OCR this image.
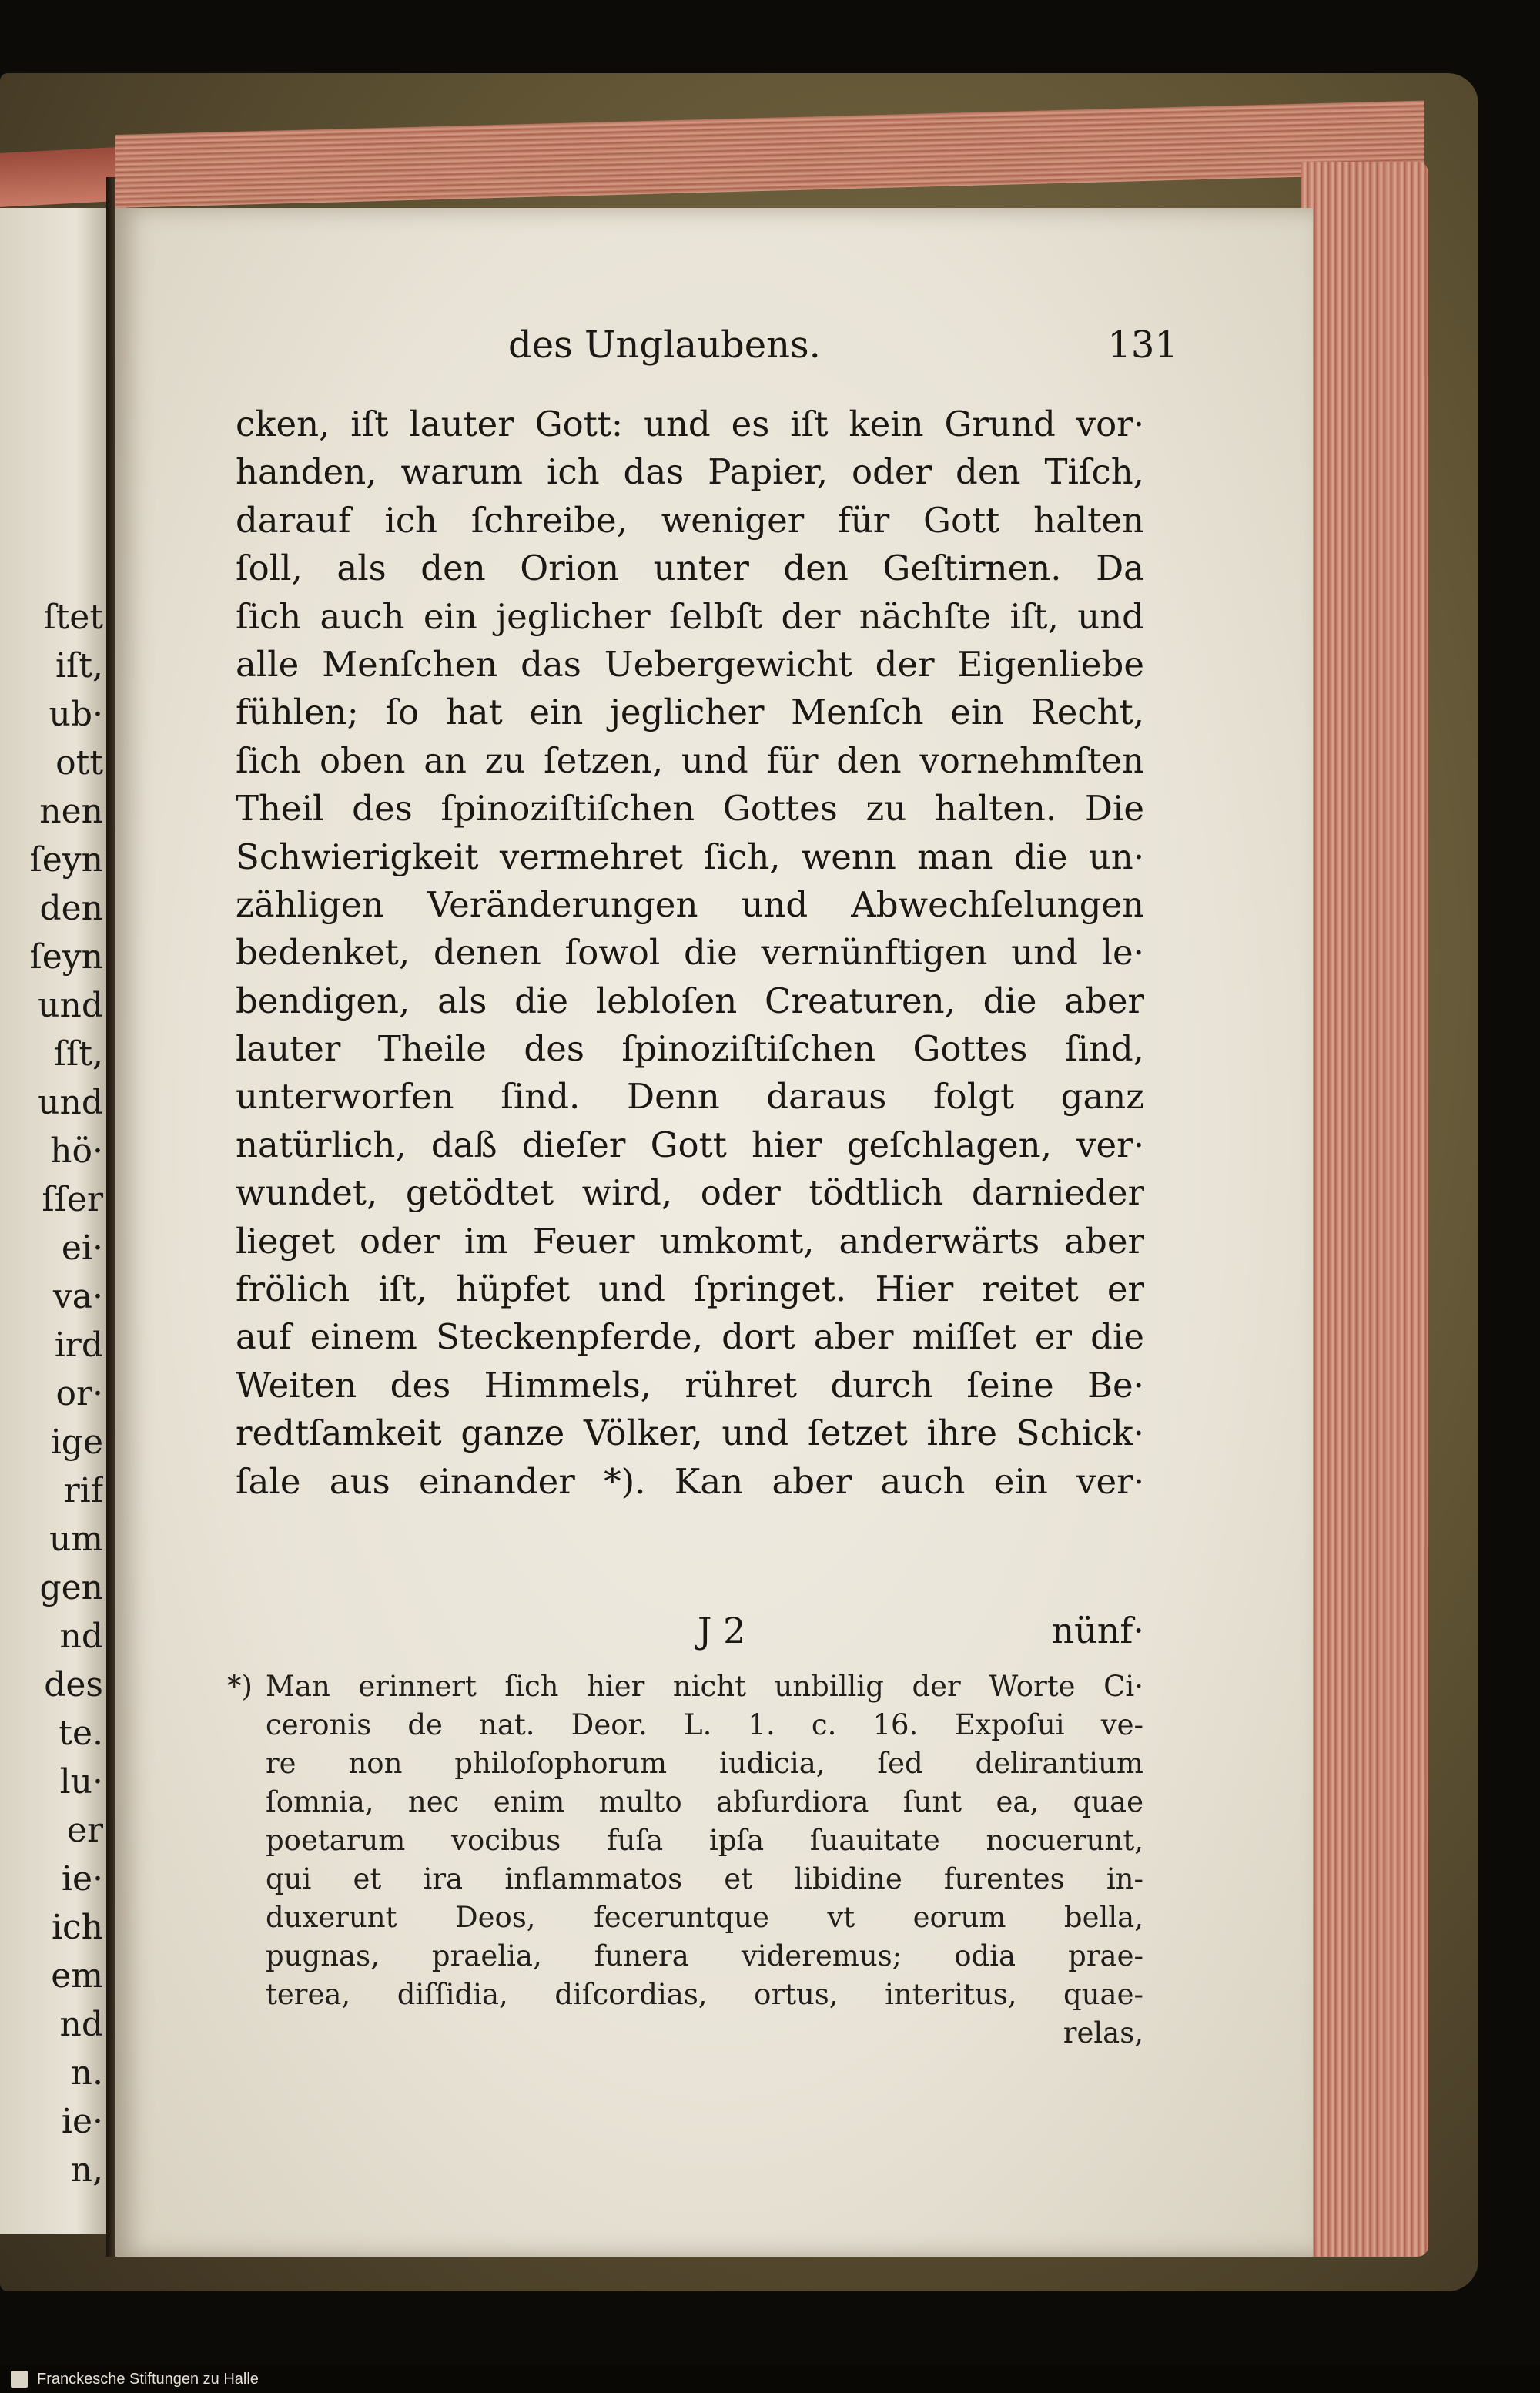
ſtet
iſt,
ub·
ott
nen
ſeyn
den
ſeyn
und
ſſt,
und
hö·
ſſer
ei·
va·
ird
or·
ige
rif
um
gen
nd
des
te.
lu·
er
ie·
ich
em
nd
n.
ie·
n,
des Unglaubens.	131
cken, iſt lauter Gott: und es iſt kein Grund vor·
handen, warum ich das Papier, oder den Tiſch,
darauf ich ſchreibe, weniger für Gott halten
ſoll, als den Orion unter den Geſtirnen. Da
ſich auch ein jeglicher ſelbſt der nächſte iſt, und
alle Menſchen das Uebergewicht der Eigenliebe
fühlen; ſo hat ein jeglicher Menſch ein Recht,
ſich oben an zu ſetzen, und für den vornehmſten
Theil des ſpinoziſtiſchen Gottes zu halten. Die
Schwierigkeit vermehret ſich, wenn man die un·
zähligen Veränderungen und Abwechſelungen
bedenket, denen ſowol die vernünftigen und le·
bendigen, als die lebloſen Creaturen, die aber
lauter Theile des ſpinoziſtiſchen Gottes ſind,
unterworfen ſind. Denn daraus folgt ganz
natürlich, daß dieſer Gott hier geſchlagen, ver·
wundet, getödtet wird, oder tödtlich darnieder
lieget oder im Feuer umkomt, anderwärts aber
frölich iſt, hüpfet und ſpringet. Hier reitet er
auf einem Steckenpferde, dort aber miſſet er die
Weiten des Himmels, rühret durch ſeine Be·
redtſamkeit ganze Völker, und ſetzet ihre Schick·
ſale aus einander *). Kan aber auch ein ver·
J 2	nünf·
*) Man erinnert ſich hier nicht unbillig der Worte Ci·
ceronis de nat. Deor. L. 1. c. 16. Expoſui ve-
re non philoſophorum iudicia, ſed delirantium
ſomnia, nec enim multo abſurdiora ſunt ea, quae
poetarum vocibus fuſa ipſa ſuauitate nocuerunt,
qui et ira inflammatos et libidine furentes in-
duxerunt Deos, feceruntque vt eorum bella,
pugnas, praelia, funera videremus; odia prae-
terea, diſſidia, diſcordias, ortus, interitus, quae-
relas,
Franckesche Stiftungen zu Halle
